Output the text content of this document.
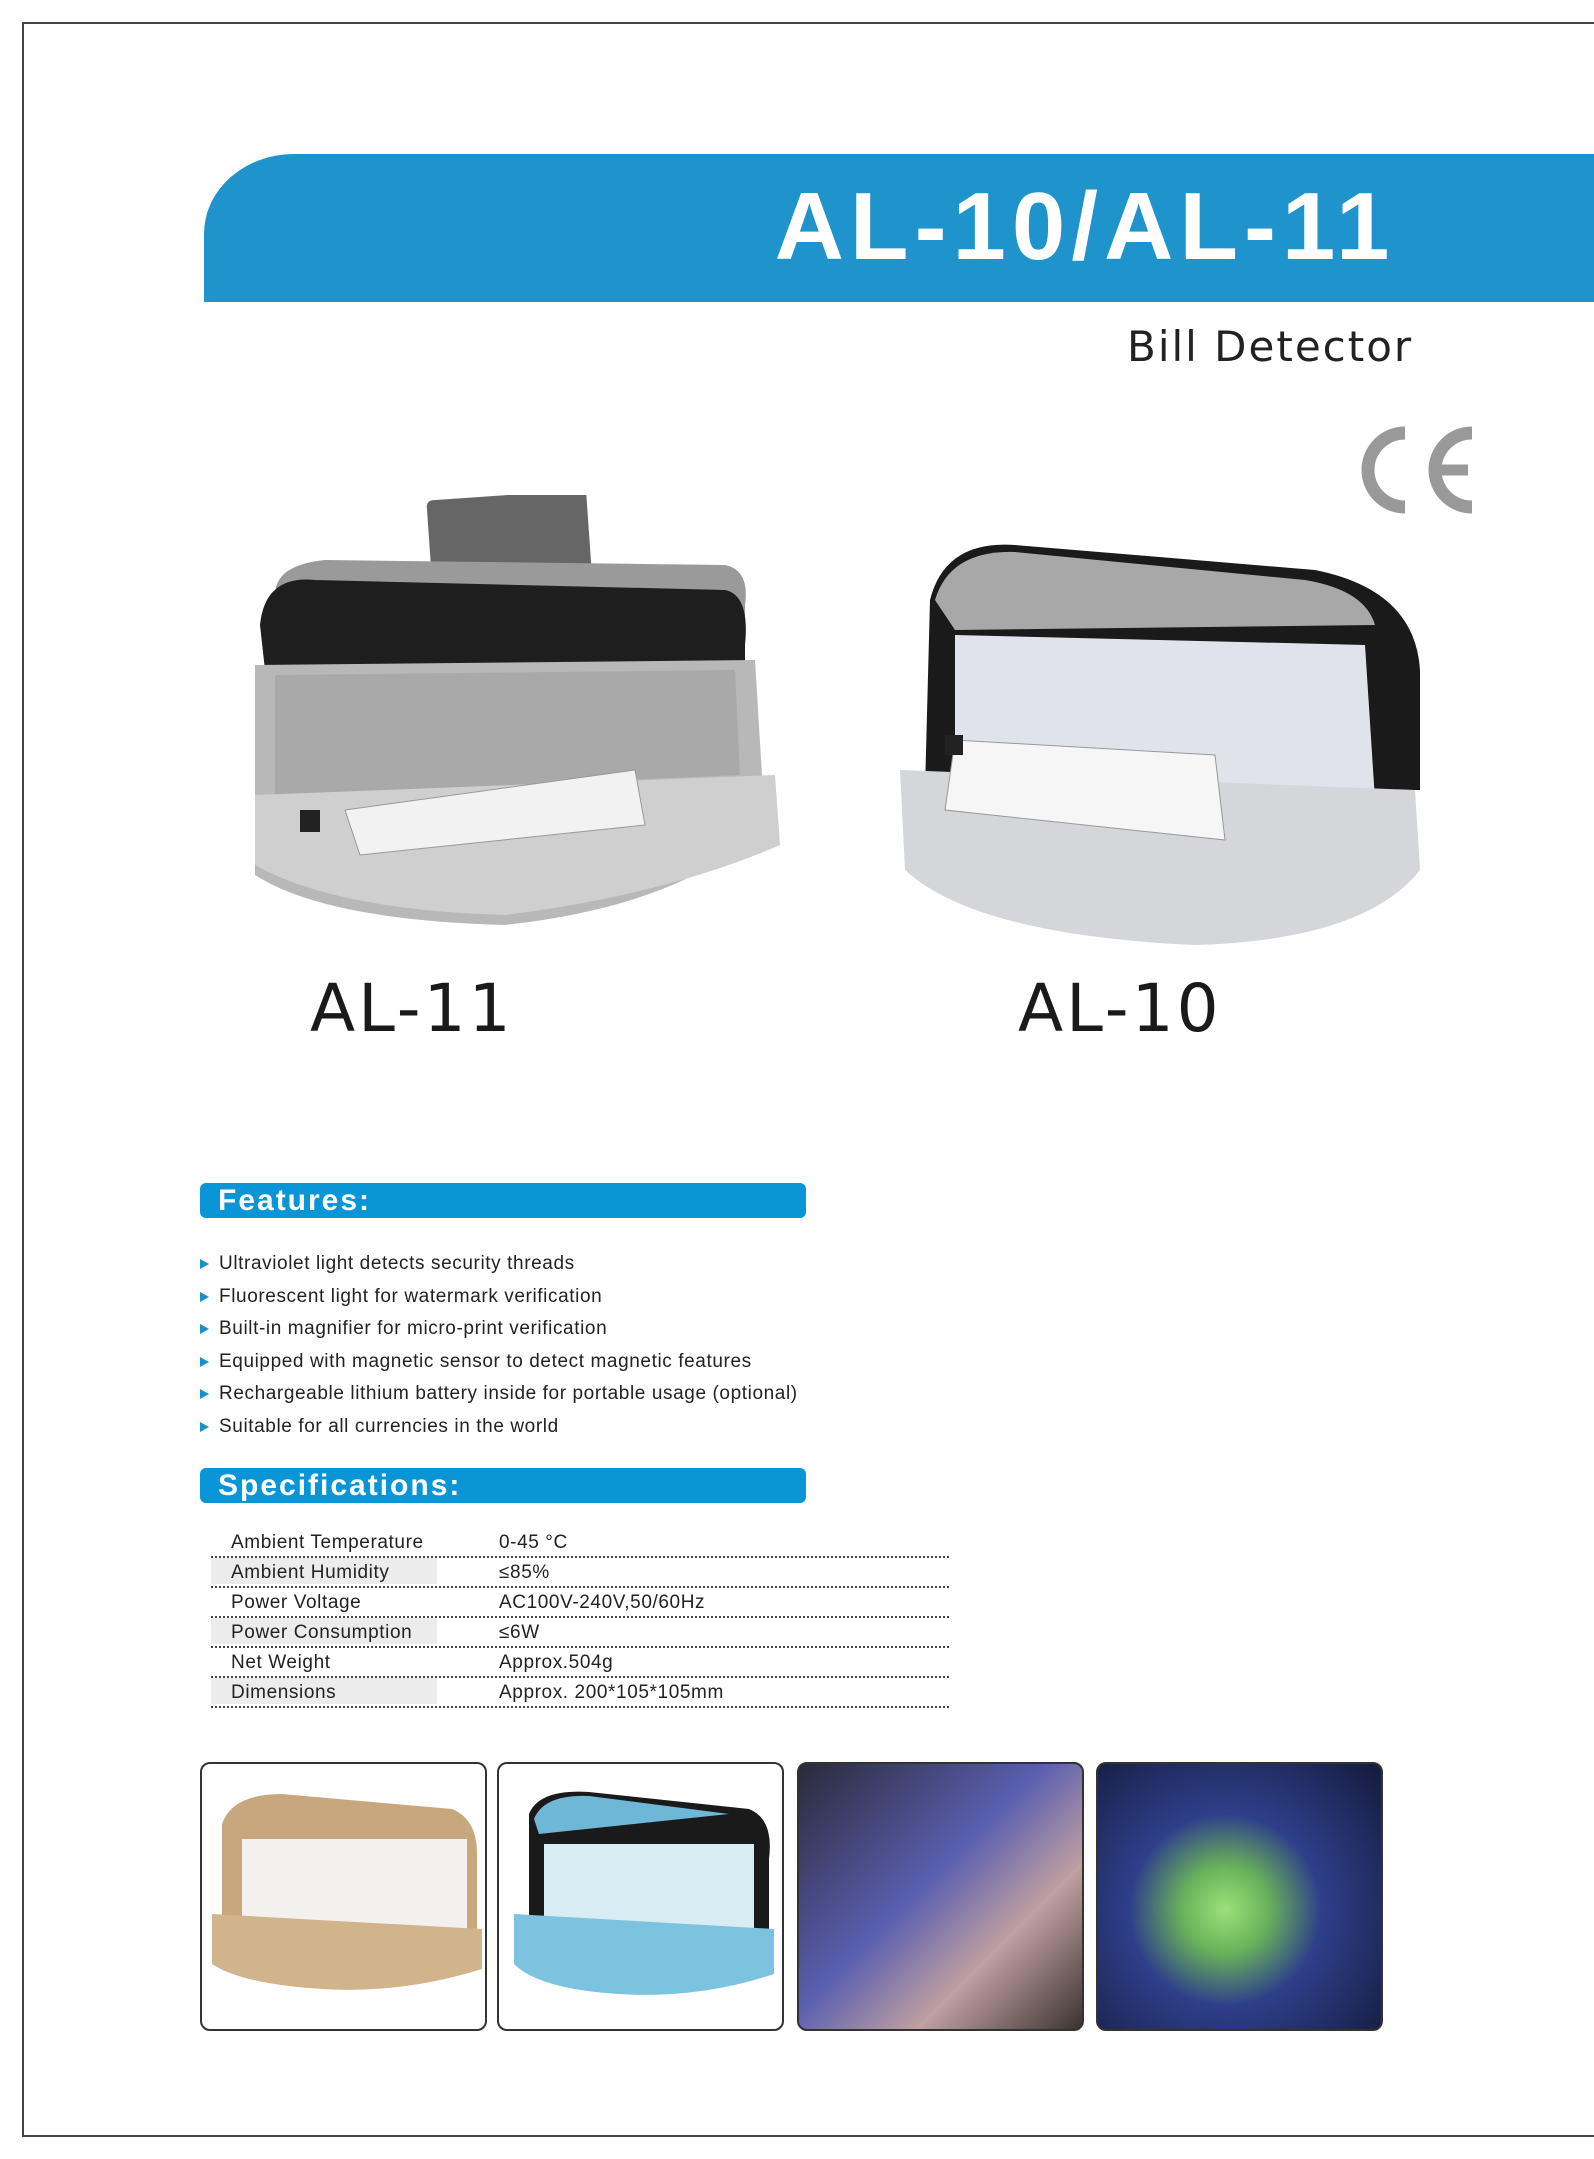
AL-10/AL-11
Bill Detector
AL-11	AL-10
Features:
Ultraviolet light detects security threads
Fluorescent light for watermark verification
Built-in magnifier for micro-print verification
Equipped with magnetic sensor to detect magnetic features
Rechargeable lithium battery inside for portable usage (optional)
Suitable for all currencies in the world
Specifications:
Ambient Temperature	0-45 °C
Ambient Humidity	≤85%
Power Voltage	AC100V-240V,50/60Hz
Power Consumption	≤6W
Net Weight	Approx.504g
Dimensions	Approx. 200*105*105mm
